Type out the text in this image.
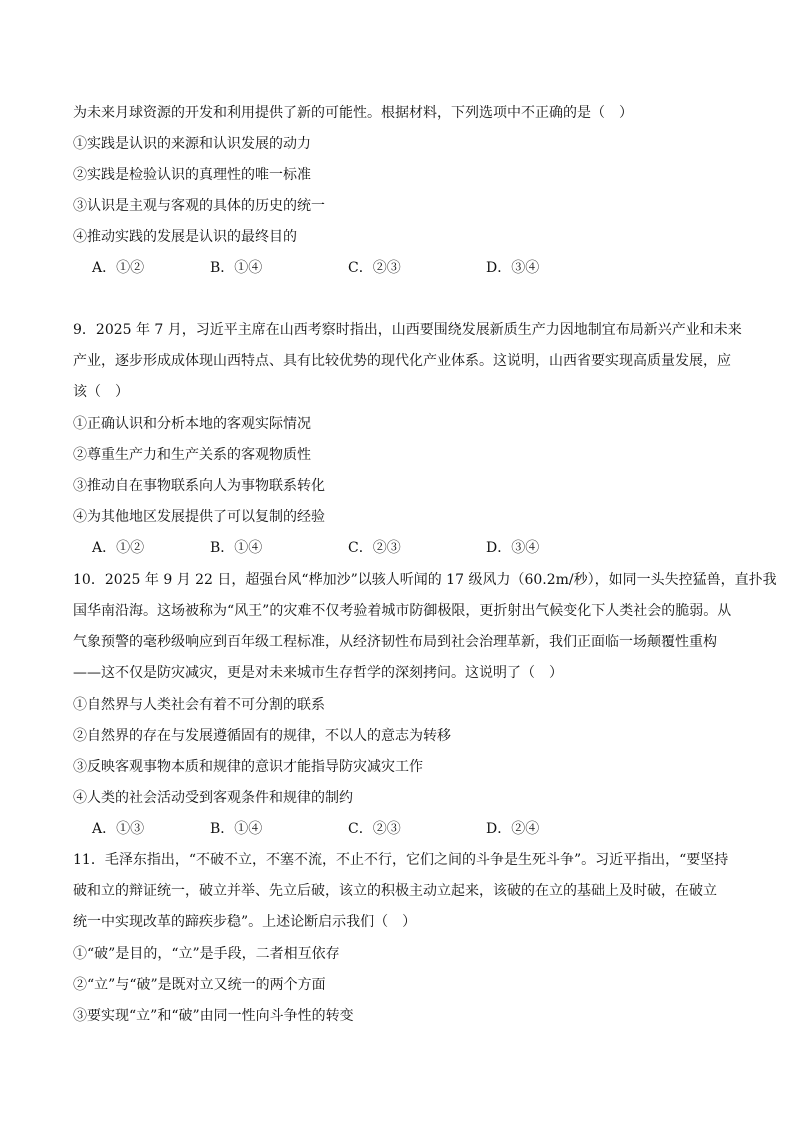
为未来月球资源的开发和利用提供了新的可能性。根据材料，下列选项中不正确的是（　）
①实践是认识的来源和认识发展的动力
②实践是检验认识的真理性的唯一标准
③认识是主观与客观的具体的历史的统一
④推动实践的发展是认识的最终目的
A．①②	B．①④	C．②③	D．③④
9．2025 年 7 月，习近平主席在山西考察时指出，山西要围绕发展新质生产力因地制宜布局新兴产业和未来
产业，逐步形成成体现山西特点、具有比较优势的现代化产业体系。这说明，山西省要实现高质量发展，应
该（　）
①正确认识和分析本地的客观实际情况
②尊重生产力和生产关系的客观物质性
③推动自在事物联系向人为事物联系转化
④为其他地区发展提供了可以复制的经验
A．①②	B．①④	C．②③	D．③④
10．2025 年 9 月 22 日，超强台风“桦加沙”以骇人听闻的 17 级风力（60.2m/秒），如同一头失控猛兽，直扑我
国华南沿海。这场被称为“风王”的灾难不仅考验着城市防御极限，更折射出气候变化下人类社会的脆弱。从
气象预警的毫秒级响应到百年级工程标准，从经济韧性布局到社会治理革新，我们正面临一场颠覆性重构
——这不仅是防灾减灾，更是对未来城市生存哲学的深刻拷问。这说明了（　）
①自然界与人类社会有着不可分割的联系
②自然界的存在与发展遵循固有的规律，不以人的意志为转移
③反映客观事物本质和规律的意识才能指导防灾减灾工作
④人类的社会活动受到客观条件和规律的制约
A．①③	B．①④	C．②③	D．②④
11．毛泽东指出，“不破不立，不塞不流，不止不行，它们之间的斗争是生死斗争”。习近平指出，“要坚持
破和立的辩证统一，破立并举、先立后破，该立的积极主动立起来，该破的在立的基础上及时破，在破立
统一中实现改革的蹄疾步稳”。上述论断启示我们（　）
①“破”是目的，“立”是手段，二者相互依存
②“立”与“破”是既对立又统一的两个方面
③要实现“立”和“破”由同一性向斗争性的转变
